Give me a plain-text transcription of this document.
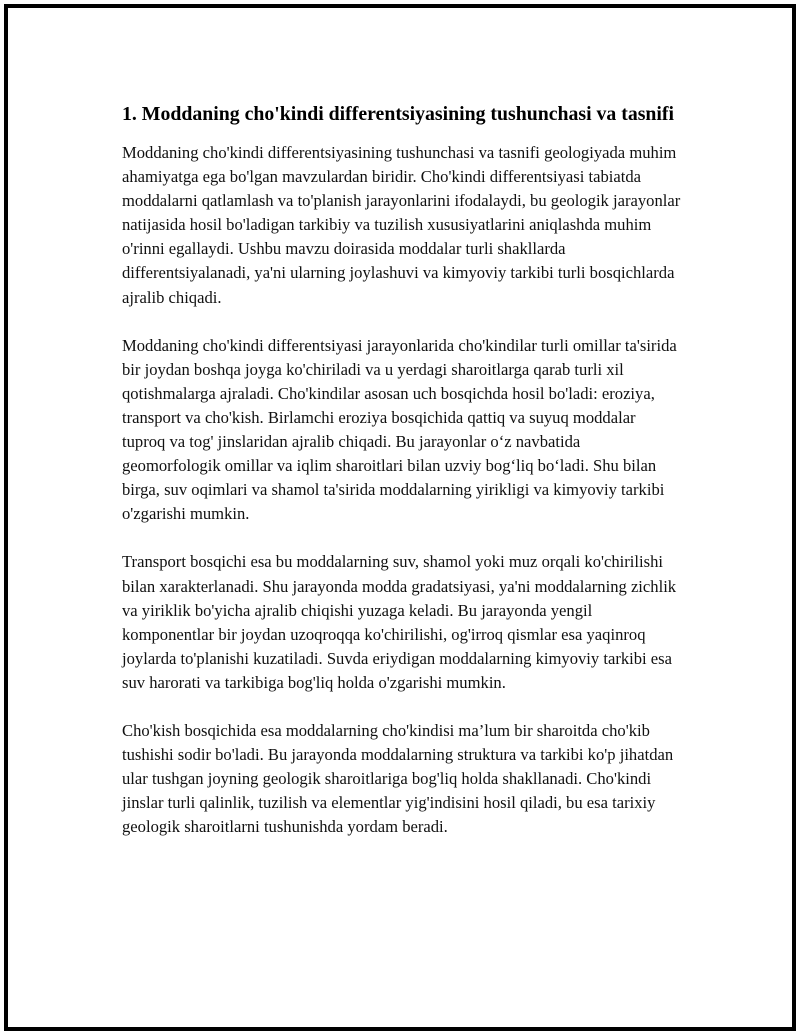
1. Moddaning cho'kindi differentsiyasining tushunchasi va tasnifi

Moddaning cho'kindi differentsiyasining tushunchasi va tasnifi geologiyada muhim ahamiyatga ega bo'lgan mavzulardan biridir. Cho'kindi differentsiyasi tabiatda moddalarni qatlamlash va to'planish jarayonlarini ifodalaydi, bu geologik jarayonlar natijasida hosil bo'ladigan tarkibiy va tuzilish xususiyatlarini aniqlashda muhim o'rinni egallaydi. Ushbu mavzu doirasida moddalar turli shakllarda differentsiyalanadi, ya'ni ularning joylashuvi va kimyoviy tarkibi turli bosqichlarda ajralib chiqadi.

Moddaning cho'kindi differentsiyasi jarayonlarida cho'kindilar turli omillar ta'sirida bir joydan boshqa joyga ko'chiriladi va u yerdagi sharoitlarga qarab turli xil qotishmalarga ajraladi. Cho'kindilar asosan uch bosqichda hosil bo'ladi: eroziya, transport va cho'kish. Birlamchi eroziya bosqichida qattiq va suyuq moddalar tuproq va tog' jinslaridan ajralib chiqadi. Bu jarayonlar o‘z navbatida geomorfologik omillar va iqlim sharoitlari bilan uzviy bog‘liq bo‘ladi. Shu bilan birga, suv oqimlari va shamol ta'sirida moddalarning yirikligi va kimyoviy tarkibi o'zgarishi mumkin.

Transport bosqichi esa bu moddalarning suv, shamol yoki muz orqali ko'chirilishi bilan xarakterlanadi. Shu jarayonda modda gradatsiyasi, ya'ni moddalarning zichlik va yiriklik bo'yicha ajralib chiqishi yuzaga keladi. Bu jarayonda yengil komponentlar bir joydan uzoqroqqa ko'chirilishi, og'irroq qismlar esa yaqinroq joylarda to'planishi kuzatiladi. Suvda eriydigan moddalarning kimyoviy tarkibi esa suv harorati va tarkibiga bog'liq holda o'zgarishi mumkin.

Cho'kish bosqichida esa moddalarning cho'kindisi ma’lum bir sharoitda cho'kib tushishi sodir bo'ladi. Bu jarayonda moddalarning struktura va tarkibi ko'p jihatdan ular tushgan joyning geologik sharoitlariga bog'liq holda shakllanadi. Cho'kindi jinslar turli qalinlik, tuzilish va elementlar yig'indisini hosil qiladi, bu esa tarixiy geologik sharoitlarni tushunishda yordam beradi.
